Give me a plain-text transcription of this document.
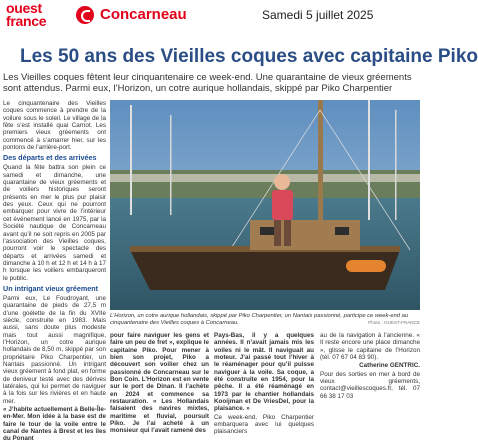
ouest
france	Concarneau	Samedi 5 juillet 2025
Les 50 ans des Vieilles coques avec capitaine Piko
Les Vieilles coques fêtent leur cinquantenaire ce week-end. Une quarantaine de vieux gréements sont attendus. Parmi eux, l’Horizon, un cotre aurique hollandais, skippé par Piko Charpentier

Le cinquantenaire des Vieilles coques commence à prendre de la voilure sous le soleil. Le village de la fête s’est installé quai Carnot. Les premiers vieux gréements ont commencé à s’amarrer hier, sur les pontons de l’arrière-port.

Des départs et des arrivées

Quand la fête battra son plein ce samedi et dimanche, une quarantaine de vieux gréements et de voiliers historiques seront présents en mer le plus pur plaisir des yeux. Ceux qui ne pourront embarquer pour vivre de l’intérieur cet événement lancé en 1975, par la Société nautique de Concarneau avant qu’il ne soit repris en 2005 par l’association des Vieilles coques, pourront voir le spectacle des départs et arrivées samedi et dimanche à 10 h et 12 h et 14 h à 17 h lorsque les voiliers embarqueront le public.

Un intrigant vieux gréement

Parmi eux, Le Foudroyant, une quarantaine de pieds de 27,5 m d’une goélette de la fin du XVIIe siècle, construite en 1983. Mais aussi, sans doute plus modeste mais tout aussi magnifique, l’Horizon, un cotre aurique hollandais de 8,50 m, skippé par son propriétaire Piko Charpentier, un Nantais passionné. Un intrigant vieux gréement à fond plat, en forme de deniveur testé avec des dérives latérales, qui lui permet de naviguer à la fois sur les rivières et en haute mer.

« J’habite actuellement à Belle-Île-en-Mer. Mon idée à la base est de faire le tour de la voile entre le canal de Nantes à Brest et les îles du Ponant

L’Horizon, un cotre aurique hollandais, skippé par Piko Charpentier, un Nantais passionné, participe ce week-end au cinquantenaire des Vieilles coques à Concarneau.	Photo : OUEST-FRANCE

pour faire naviguer les gens et faire un peu de fret », explique le capitaine Piko. Pour mener à bien son projet, Piko a découvert son voilier chez un passionné de Concarneau sur le Bon Coin. L’Horizon est en vente sur le port de Dinan. Il l’achète en 2024 et commence sa restauration. « Les Hollandais faisaient des navires mixtes, maritime et fluvial, poursuit Piko. Je l’ai acheté à un monsieur qui l’avait ramené des

Pays-Bas, il y a quelques années. Il n’avait jamais mis les voiles ni le mât. Il naviguait au moteur. J’ai passé tout l’hiver à le réaménager pour qu’il puisse naviguer à la voile. Sa coque, a été construite en 1954, pour la pêche. Il a été réaménagé en 1973 par le chantier hollandais Kooijman et De VriesDel, pour la plaisance. »

Ce week-end, Piko Charpentier embarquera avec lui quelques plaisanciers

au de la navigation à l’ancienne. « Il reste encore une place dimanche », glisse le capitaine de l’Horizon (tél. 07 67 04 83 90).

Catherine GENTRIC.

Pour des sorties en mer à bord de vieux gréements, contact@vieillescoques.fr, tél. 07 66 38 17 03
